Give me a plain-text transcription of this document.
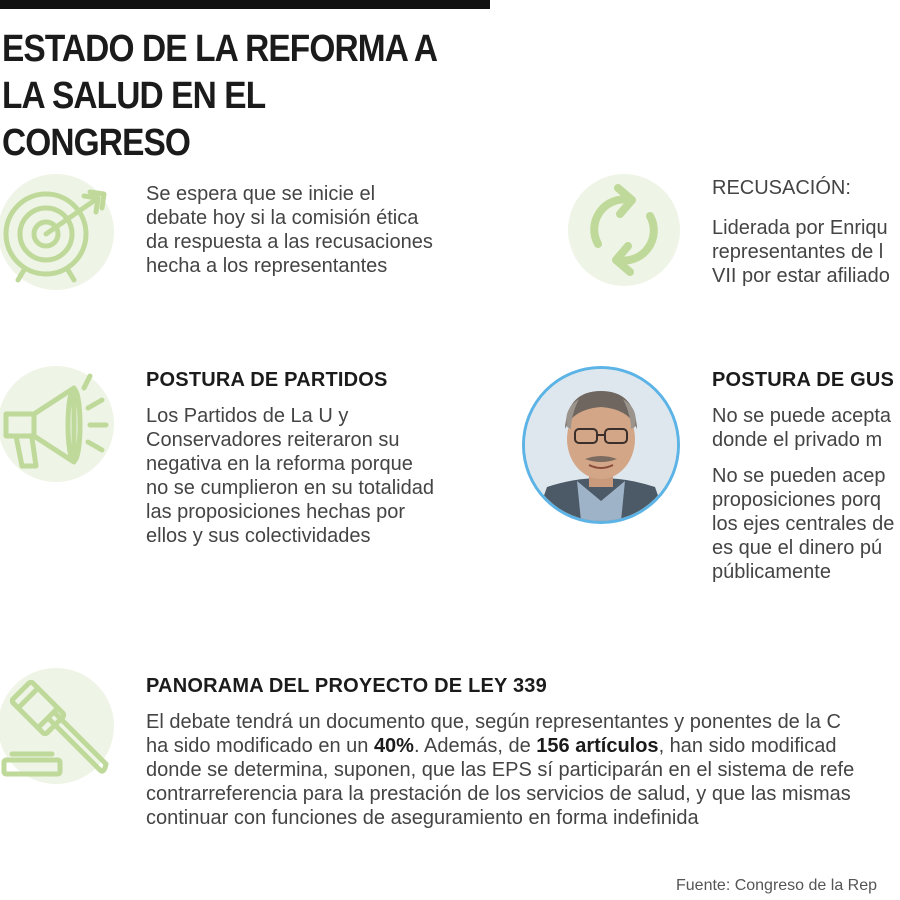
ESTADO DE LA REFORMA A
LA SALUD EN EL CONGRESO

Se espera que se inicie el

debate hoy si la comisión ética

da respuesta a las recusaciones

hecha a los representantes

RECUSACIÓN:

Liderada por Enriqu

representantes de l

VII por estar afiliado

POSTURA DE PARTIDOS

Los Partidos de La U y

Conservadores reiteraron su

negativa en la reforma porque

no se cumplieron en su totalidad

las proposiciones hechas por

ellos y sus colectividades

POSTURA DE GUS

No se puede acepta

donde el privado m

No se pueden acep

proposiciones porq

los ejes centrales de

es que el dinero pú

públicamente

PANORAMA DEL PROYECTO DE LEY 339

El debate tendrá un documento que, según representantes y ponentes de la C

ha sido modificado en un 40%. Además, de 156 artículos, han sido modificad

donde se determina, suponen, que las EPS sí participarán en el sistema de refe

contrarreferencia para la prestación de los servicios de salud, y que las mismas

continuar con funciones de aseguramiento en forma indefinida

Fuente: Congreso de la Rep
